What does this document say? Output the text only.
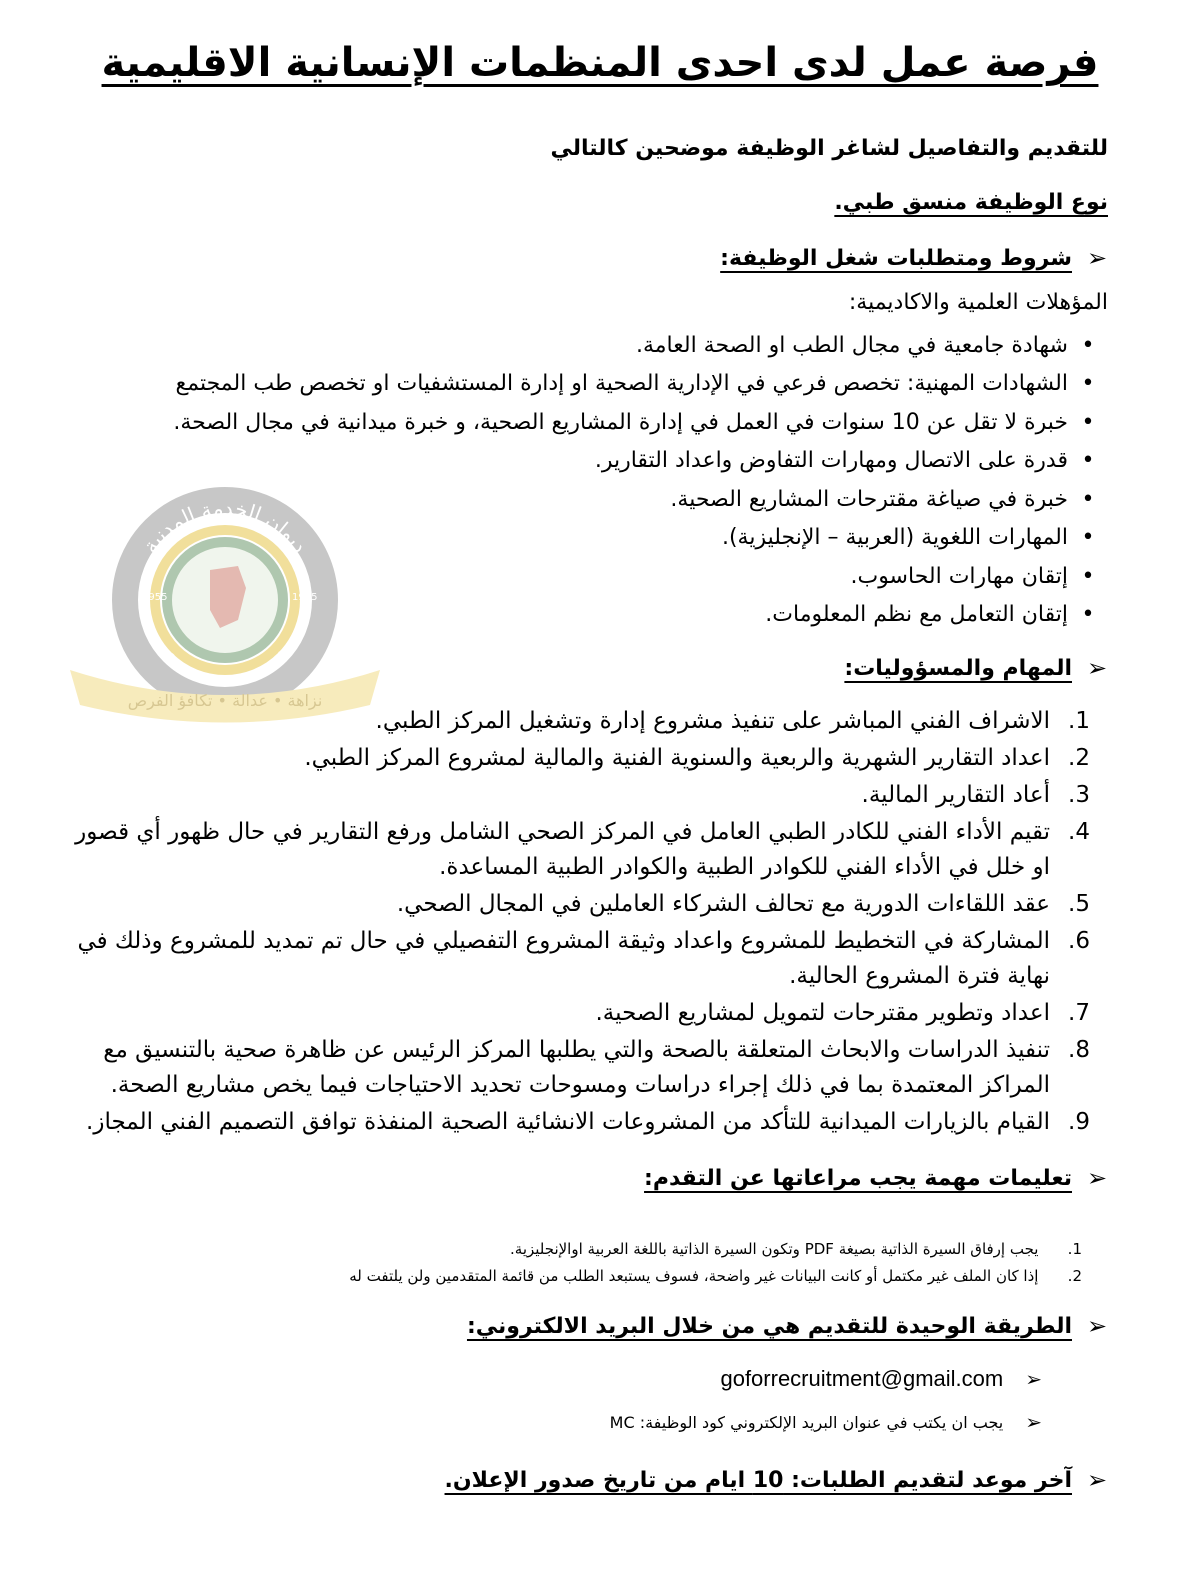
فرصة عمل لدى احدى المنظمات الإنسانية الاقليمية
للتقديم والتفاصيل لشاغر الوظيفة موضحين كالتالي
نوع الوظيفة منسق طبي.
ديوان الخدمة المدنية
CIVIL SERVICE BUREAU
1955	1955
نزاهة • عدالة • تكافؤ الفرص
➢
شروط ومتطلبات شغل الوظيفة:
المؤهلات العلمية والاكاديمية:
•
شهادة جامعية في مجال الطب او الصحة العامة.
•
الشهادات المهنية: تخصص فرعي في الإدارية الصحية او إدارة المستشفيات او تخصص طب المجتمع
•
خبرة لا تقل عن 10 سنوات في العمل في إدارة المشاريع الصحية، و خبرة ميدانية في مجال الصحة.
•
قدرة على الاتصال ومهارات التفاوض واعداد التقارير.
•
خبرة في صياغة مقترحات المشاريع الصحية.
•
المهارات اللغوية (العربية – الإنجليزية).
•
إتقان مهارات الحاسوب.
•
إتقان التعامل مع نظم المعلومات.
➢
المهام والمسؤوليات:
1.
الاشراف الفني المباشر على تنفيذ مشروع إدارة وتشغيل المركز الطبي.
2.
اعداد التقارير الشهرية والربعية والسنوية الفنية والمالية لمشروع المركز الطبي.
3.
أعاد التقارير المالية.
4.
تقيم الأداء الفني للكادر الطبي العامل في المركز الصحي الشامل ورفع التقارير في حال ظهور أي قصور او خلل في الأداء الفني للكوادر الطبية والكوادر الطبية المساعدة.
5.
عقد اللقاءات الدورية مع تحالف الشركاء العاملين في المجال الصحي.
6.
المشاركة في التخطيط للمشروع واعداد وثيقة المشروع التفصيلي في حال تم تمديد للمشروع وذلك في نهاية فترة المشروع الحالية.
7.
اعداد وتطوير مقترحات لتمويل لمشاريع الصحية.
8.
تنفيذ الدراسات والابحاث المتعلقة بالصحة والتي يطلبها المركز الرئيس عن ظاهرة صحية بالتنسيق مع المراكز المعتمدة بما في ذلك إجراء دراسات ومسوحات تحديد الاحتياجات فيما يخص مشاريع الصحة.
9.
القيام بالزيارات الميدانية للتأكد من المشروعات الانشائية الصحية المنفذة توافق التصميم الفني المجاز.
➢
تعليمات مهمة يجب مراعاتها عن التقدم:
1.

يجب إرفاق السيرة الذاتية بصيغة PDF وتكون السيرة الذاتية باللغة العربية اوالإنجليزية.
2.

إذا كان الملف غير مكتمل أو كانت البيانات غير واضحة، فسوف يستبعد الطلب من قائمة المتقدمين ولن يلتفت له
➢
الطريقة الوحيدة للتقديم هي من خلال البريد الالكتروني:
➢
goforrecruitment@gmail.com
➢
يجب ان يكتب في عنوان البريد الإلكتروني كود الوظيفة: MC
➢
آخر موعد لتقديم الطلبات: 10 ايام من تاريخ صدور الإعلان.
